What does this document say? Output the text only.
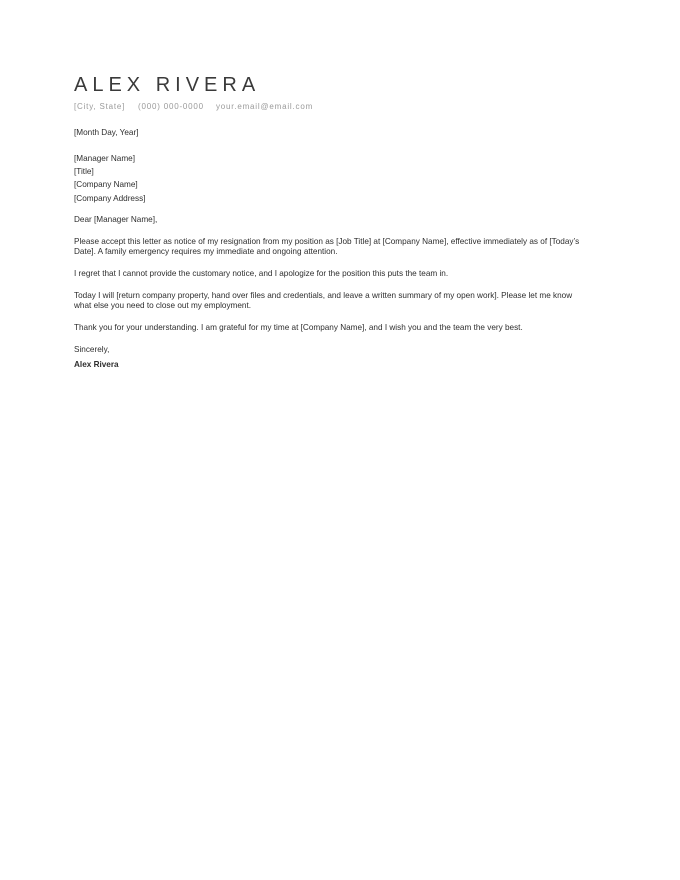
ALEX RIVERA
[City, State]	(000) 000-0000	your.email@email.com
[Month Day, Year]
[Manager Name]
[Title]
[Company Name]
[Company Address]
Dear [Manager Name],
Please accept this letter as notice of my resignation from my position as [Job Title] at [Company Name], effective immediately as of [Today’s Date]. A family emergency requires my immediate and ongoing attention.
I regret that I cannot provide the customary notice, and I apologize for the position this puts the team in.
Today I will [return company property, hand over files and credentials, and leave a written summary of my open work]. Please let me know what else you need to close out my employment.
Thank you for your understanding. I am grateful for my time at [Company Name], and I wish you and the team the very best.
Sincerely,
Alex Rivera
